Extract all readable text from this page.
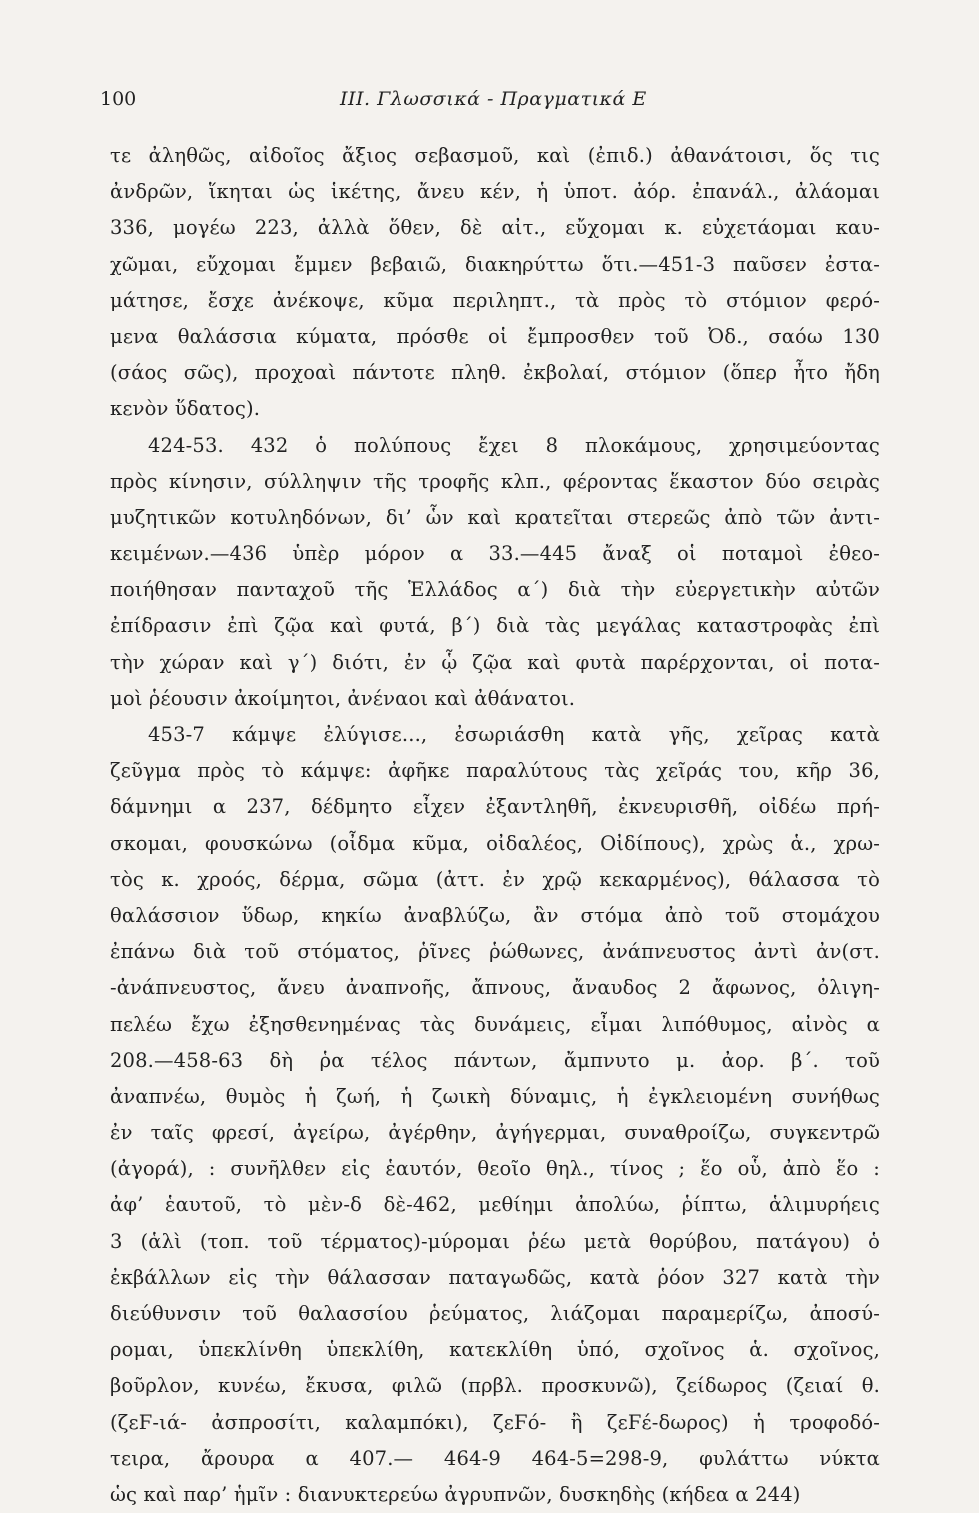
100	III. Γλωσσικά - Πραγματικά Ε
τε ἀληθῶς, αἰδοῖος ἄξιος σεβασμοῦ, καὶ (ἐπιδ.) ἀθανάτοισι, ὅς τις
ἀνδρῶν, ἵκηται ὡς ἱκέτης, ἄνευ κέν, ἡ ὑποτ. ἀόρ. ἐπανάλ., ἀλάομαι
336, μογέω 223, ἀλλὰ ὅθεν, δὲ αἰτ., εὔχομαι κ. εὐχετάομαι καυ-
χῶμαι, εὔχομαι ἔμμεν βεβαιῶ, διακηρύττω ὅτι.—451-3 παῦσεν ἐστα-
μάτησε, ἔσχε ἀνέκοψε, κῦμα περιληπτ., τὰ πρὸς τὸ στόμιον φερό-
μενα θαλάσσια κύματα, πρόσθε οἱ ἔμπροσθεν τοῦ Ὀδ., σαόω 130
(σάος σῶς), προχοαὶ πάντοτε πληθ. ἐκβολαί, στόμιον (ὅπερ ἦτο ἤδη
κενὸν ὕδατος).
424-53. 432 ὁ πολύπους ἔχει 8 πλοκάμους, χρησιμεύοντας
πρὸς κίνησιν, σύλληψιν τῆς τροφῆς κλπ., φέροντας ἕκαστον δύο σειρὰς
μυζητικῶν κοτυληδόνων, δι’ ὧν καὶ κρατεῖται στερεῶς ἀπὸ τῶν ἀντι-
κειμένων.—436 ὑπὲρ μόρον α 33.—445 ἄναξ οἱ ποταμοὶ ἐθεο-
ποιήθησαν πανταχοῦ τῆς Ἑλλάδος α΄) διὰ τὴν εὐεργετικὴν αὐτῶν
ἐπίδρασιν ἐπὶ ζῷα καὶ φυτά, β΄) διὰ τὰς μεγάλας καταστροφὰς ἐπὶ
τὴν χώραν καὶ γ΄) διότι, ἐν ᾧ ζῷα καὶ φυτὰ παρέρχονται, οἱ ποτα-
μοὶ ῥέουσιν ἀκοίμητοι, ἀνέναοι καὶ ἀθάνατοι.
453-7 κάμψε ἐλύγισε..., ἐσωριάσθη κατὰ γῆς, χεῖρας κατὰ
ζεῦγμα πρὸς τὸ κάμψε: ἀφῆκε παραλύτους τὰς χεῖράς του, κῆρ 36,
δάμνημι α 237, δέδμητο εἶχεν ἐξαντληθῆ, ἐκνευρισθῆ, οἰδέω πρή-
σκομαι, φουσκώνω (οἶδμα κῦμα, οἰδαλέος, Οἰδίπους), χρὼς ἁ., χρω-
τὸς κ. χροός, δέρμα, σῶμα (ἀττ. ἐν χρῷ κεκαρμένος), θάλασσα τὸ
θαλάσσιον ὕδωρ, κηκίω ἀναβλύζω, ἂν στόμα ἀπὸ τοῦ στομάχου
ἐπάνω διὰ τοῦ στόματος, ῥῖνες ῥώθωνες, ἀνάπνευστος ἀντὶ ἀν(στ.
-ἀνάπνευστος, ἄνευ ἀναπνοῆς, ἄπνους, ἄναυδος 2 ἄφωνος, ὀλιγη-
πελέω ἔχω ἐξησθενημένας τὰς δυνάμεις, εἶμαι λιπόθυμος, αἰνὸς α
208.—458-63 δὴ ῥα τέλος πάντων, ἄμπνυτο μ. ἀορ. β΄. τοῦ
ἀναπνέω, θυμὸς ἡ ζωή, ἡ ζωικὴ δύναμις, ἡ ἐγκλειομένη συνήθως
ἐν ταῖς φρεσί, ἀγείρω, ἀγέρθην, ἀγήγερμαι, συναθροίζω, συγκεντρῶ
(ἀγορά), : συνῆλθεν εἰς ἑαυτόν, θεοῖο θηλ., τίνος ; ἕο οὗ, ἀπὸ ἕο :
ἀφ’ ἑαυτοῦ, τὸ μὲν-δ δὲ-462, μεθίημι ἀπολύω, ῥίπτω, ἁλιμυρήεις
3 (ἁλὶ (τοπ. τοῦ τέρματος)-μύρομαι ῥέω μετὰ θορύβου, πατάγου) ὁ
ἐκβάλλων εἰς τὴν θάλασσαν παταγωδῶς, κατὰ ῥόον 327 κατὰ τὴν
διεύθυνσιν τοῦ θαλασσίου ῥεύματος, λιάζομαι παραμερίζω, ἀποσύ-
ρομαι, ὑπεκλίνθη ὑπεκλίθη, κατεκλίθη ὑπό, σχοῖνος ἁ. σχοῖνος,
βοῦρλον, κυνέω, ἔκυσα, φιλῶ (πρβλ. προσκυνῶ), ζείδωρος (ζειαί θ.
(ζεϜ-ιά- ἀσπροσίτι, καλαμπόκι), ζεϜό- ἢ ζεϜέ-δωρος) ἡ τροφοδό-
τειρα, ἄρουρα α 407.— 464-9 464-5=298-9, φυλάττω νύκτα
ὡς καὶ παρ’ ἡμῖν : διανυκτερεύω ἀγρυπνῶν, δυσκηδὴς (κήδεα α 244)
